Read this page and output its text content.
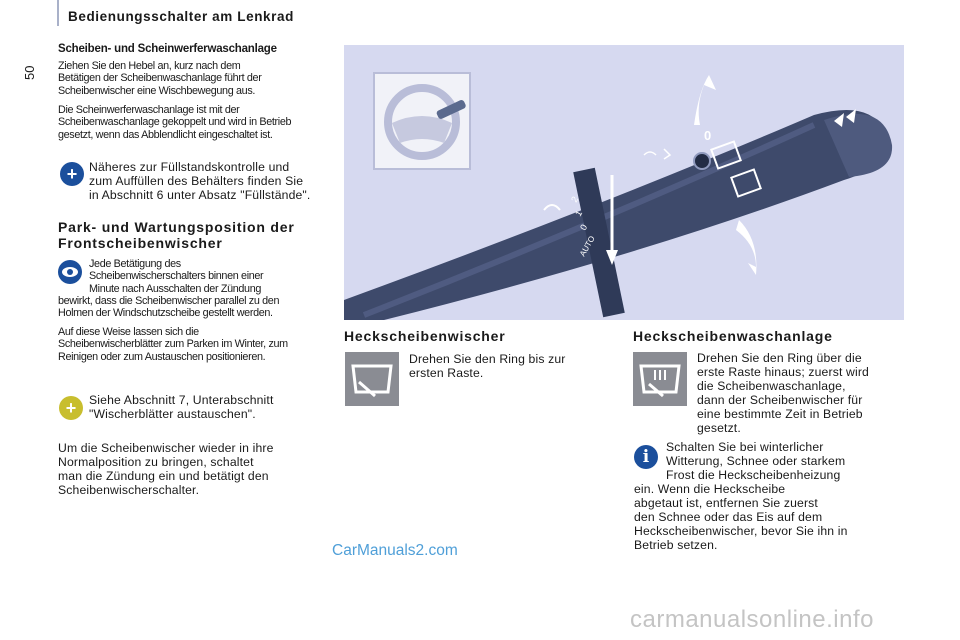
Bedienungsschalter am Lenkrad
50
Scheiben- und Scheinwerferwaschanlage
Ziehen Sie den Hebel an, kurz nach dem
Betätigen der Scheibenwaschanlage führt der
Scheibenwischer eine Wischbewegung aus.
Die Scheinwerferwaschanlage ist mit der
Scheibenwaschanlage gekoppelt und wird in Betrieb
gesetzt, wenn das Abblendlicht eingeschaltet ist.
+ Näheres zur Füllstandskontrolle und
zum Auffüllen des Behälters finden Sie
in Abschnitt 6 unter Absatz "Füllstände".
Park- und Wartungsposition der
Frontscheibenwischer
Jede Betätigung des
Scheibenwischerschalters binnen einer
Minute nach Ausschalten der Zündung
bewirkt, dass die Scheibenwischer parallel zu den
Holmen der Windschutzscheibe gestellt werden.
Auf diese Weise lassen sich die
Scheibenwischerblätter zum Parken im Winter, zum
Reinigen oder zum Austauschen positionieren.
+	Siehe Abschnitt 7, Unterabschnitt
"Wischerblätter austauschen".
Um die Scheibenwischer wieder in ihre
Normalposition zu bringen, schaltet
man die Zündung ein und betätigt den
Scheibenwischerschalter.
0
2
1
0
AUTO
Heckscheibenwischer
Drehen Sie den Ring bis zur
ersten Raste.
Heckscheibenwaschanlage
Drehen Sie den Ring über die
erste Raste hinaus; zuerst wird
die Scheibenwaschanlage,
dann der Scheibenwischer für
eine bestimmte Zeit in Betrieb
gesetzt.
i	Schalten Sie bei winterlicher
Witterung, Schnee oder starkem
Frost die Heckscheibenheizung
ein. Wenn die Heckscheibe
abgetaut ist, entfernen Sie zuerst
den Schnee oder das Eis auf dem
Heckscheibenwischer, bevor Sie ihn in
Betrieb setzen.
CarManuals2.com
carmanualsonline.info
